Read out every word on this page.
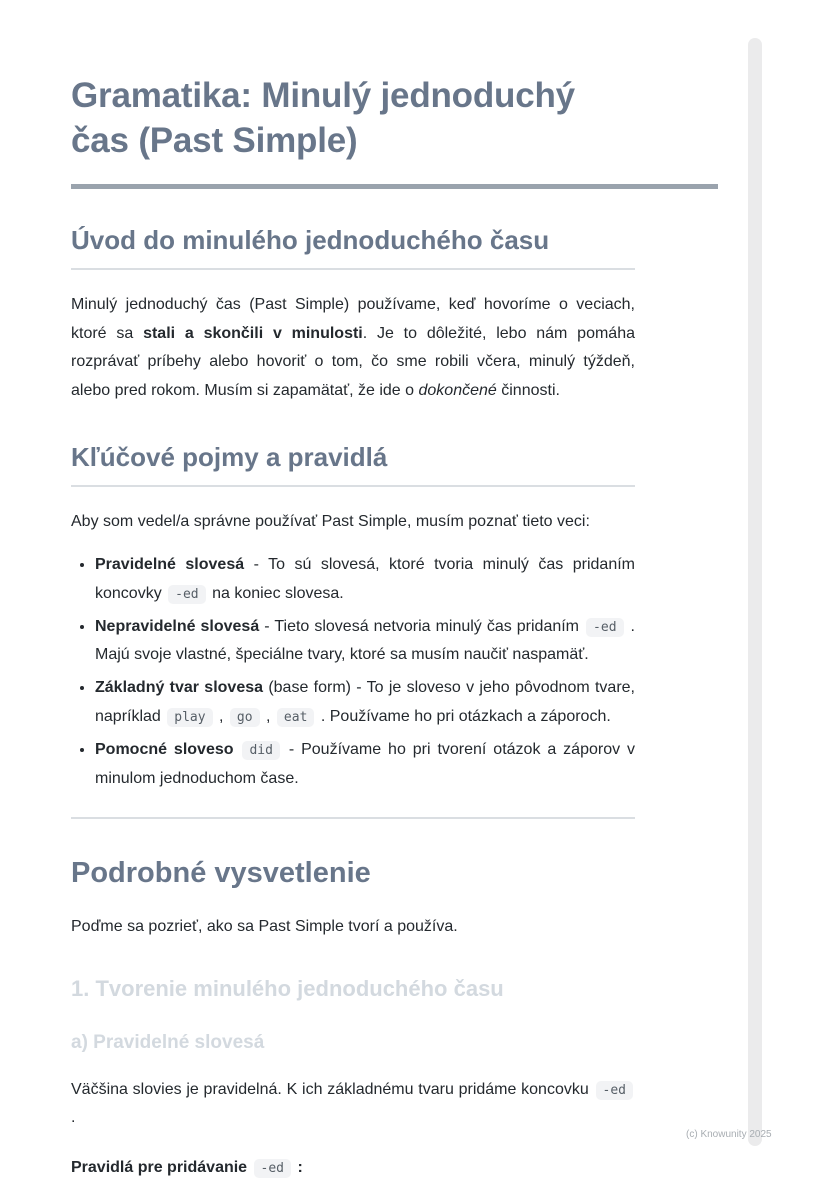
Gramatika: Minulý jednoduchý
čas (Past Simple)
Úvod do minulého jednoduchého času

Minulý jednoduchý čas (Past Simple) používame, keď hovoríme o veciach, ktoré sa stali a skončili v minulosti. Je to dôležité, lebo nám pomáha rozprávať príbehy alebo hovoriť o tom, čo sme robili včera, minulý týždeň, alebo pred rokom. Musím si zapamätať, že ide o dokončené činnosti.

Kľúčové pojmy a pravidlá

Aby som vedel/a správne používať Past Simple, musím poznať tieto veci:

• Pravidelné slovesá - To sú slovesá, ktoré tvoria minulý čas pridaním koncovky -ed na koniec slovesa.
• Nepravidelné slovesá - Tieto slovesá netvoria minulý čas pridaním -ed . Majú svoje vlastné, špeciálne tvary, ktoré sa musím naučiť naspamäť.
• Základný tvar slovesa (base form) - To je sloveso v jeho pôvodnom tvare, napríklad play , go , eat . Používame ho pri otázkach a záporoch.
• Pomocné sloveso did - Používame ho pri tvorení otázok a záporov v minulom jednoduchom čase.
Podrobné vysvetlenie

Poďme sa pozrieť, ako sa Past Simple tvorí a používa.

1. Tvorenie minulého jednoduchého času
a) Pravidelné slovesá

Väčšina slovies je pravidelná. K ich základnému tvaru pridáme koncovku -ed .

Pravidlá pre pridávanie -ed :

(c) Knowunity 2025
